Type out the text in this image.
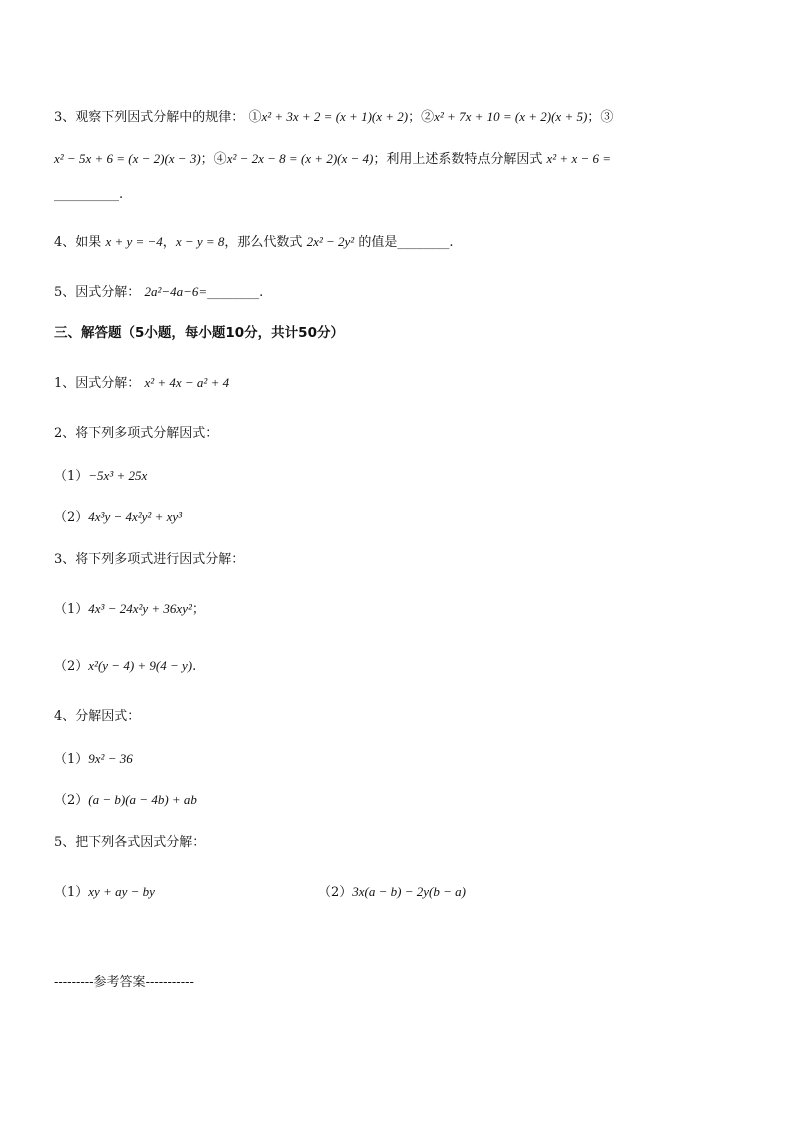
3、观察下列因式分解中的规律： ①x² + 3x + 2 = (x + 1)(x + 2)；②x² + 7x + 10 = (x + 2)(x + 5)；③
x² − 5x + 6 = (x − 2)(x − 3)；④x² − 2x − 8 = (x + 2)(x − 4)；利用上述系数特点分解因式 x² + x − 6 =
__________.
4、如果 x + y = −4，x − y = 8，那么代数式 2x² − 2y² 的值是________.
5、因式分解： 2a²−4a−6=________.
三、解答题（5小题，每小题10分，共计50分）
1、因式分解： x² + 4x − a² + 4
2、将下列多项式分解因式：
（1）−5x³ + 25x
（2）4x³y − 4x²y² + xy³
3、将下列多项式进行因式分解：
（1）4x³ − 24x²y + 36xy²；
（2）x²(y − 4) + 9(4 − y).
4、分解因式：
（1）9x² − 36
（2）(a − b)(a − 4b) + ab
5、把下列各式因式分解：
（1）xy + ay − by	（2）3x(a − b) − 2y(b − a)
---------参考答案-----------
